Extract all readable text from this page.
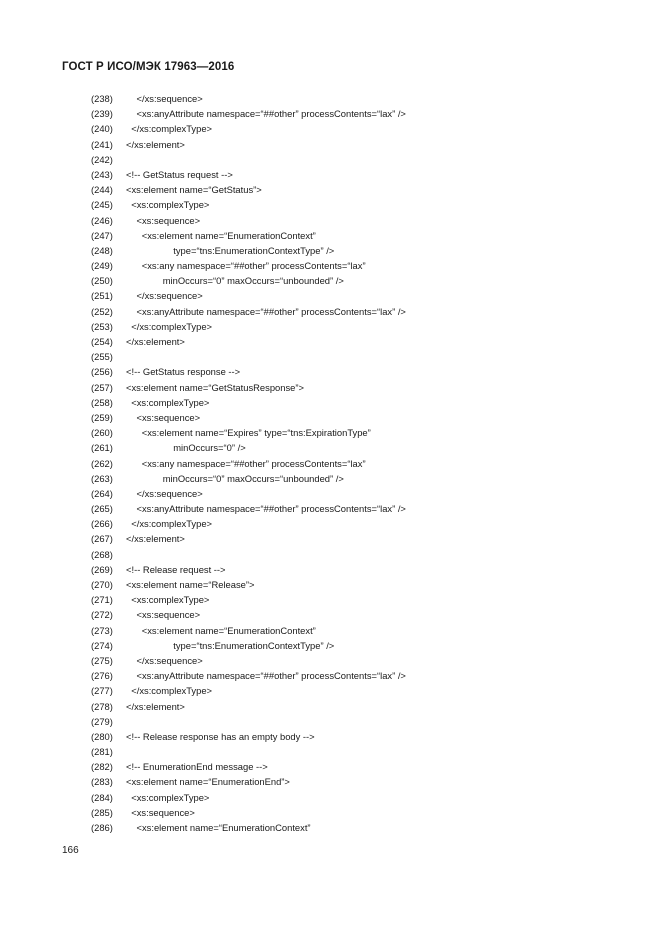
ГОСТ Р ИСО/МЭК 17963—2016
(238)	</xs:sequence>
(239)	<xs:anyAttribute namespace=“##other” processContents=“lax” />
(240) </xs:complexType>
(241) </xs:element>
(242)
(243) <!-- GetStatus request -->
(244) <xs:element name=“GetStatus”>
(245) <xs:complexType>
(246)	<xs:sequence>
(247)	<xs:element name=“EnumerationContext”
(248)	type=“tns:EnumerationContextType” />
(249)	<xs:any namespace=“##other” processContents=“lax”
(250)	minOccurs=“0” maxOccurs=“unbounded” />
(251)	</xs:sequence>
(252)	<xs:anyAttribute namespace=“##other” processContents=“lax” />
(253) </xs:complexType>
(254) </xs:element>
(255)
(256) <!-- GetStatus response -->
(257) <xs:element name=“GetStatusResponse”>
(258) <xs:complexType>
(259)	<xs:sequence>
(260)	<xs:element name=“Expires” type=“tns:ExpirationType”
(261)	minOccurs=“0” />
(262)	<xs:any namespace=“##other” processContents=“lax”
(263)	minOccurs=“0” maxOccurs=“unbounded” />
(264)	</xs:sequence>
(265)	<xs:anyAttribute namespace=“##other” processContents=“lax” />
(266) </xs:complexType>
(267) </xs:element>
(268)
(269) <!-- Release request -->
(270) <xs:element name=“Release”>
(271) <xs:complexType>
(272)	<xs:sequence>
(273)	<xs:element name=“EnumerationContext”
(274)	type=“tns:EnumerationContextType” />
(275)	</xs:sequence>
(276)	<xs:anyAttribute namespace=“##other” processContents=“lax” />
(277) </xs:complexType>
(278) </xs:element>
(279)
(280) <!-- Release response has an empty body -->
(281)
(282) <!-- EnumerationEnd message -->
(283) <xs:element name=“EnumerationEnd”>
(284) <xs:complexType>
(285) <xs:sequence>
(286)	<xs:element name=“EnumerationContext”
166
